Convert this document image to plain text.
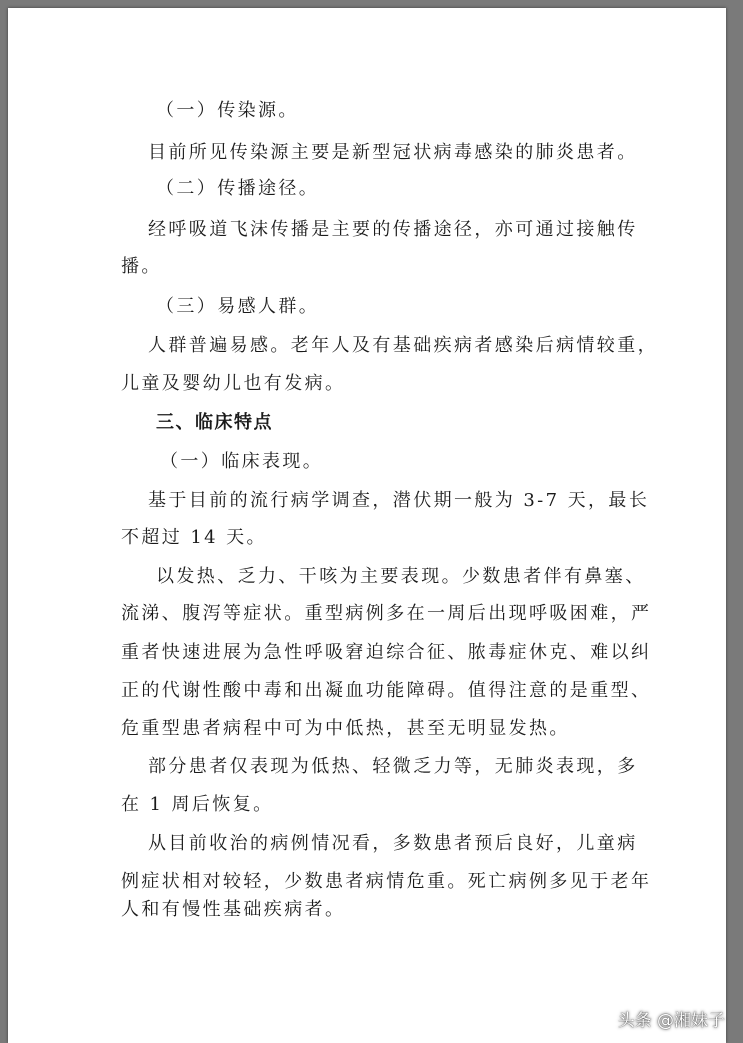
（一）传染源。
目前所见传染源主要是新型冠状病毒感染的肺炎患者。
（二）传播途径。
经呼吸道飞沫传播是主要的传播途径，亦可通过接触传
播。
（三）易感人群。
人群普遍易感。老年人及有基础疾病者感染后病情较重，
儿童及婴幼儿也有发病。
三、临床特点
（一）临床表现。
基于目前的流行病学调查，潜伏期一般为 3-7 天，最长
不超过 14 天。
以发热、乏力、干咳为主要表现。少数患者伴有鼻塞、
流涕、腹泻等症状。重型病例多在一周后出现呼吸困难，严
重者快速进展为急性呼吸窘迫综合征、脓毒症休克、难以纠
正的代谢性酸中毒和出凝血功能障碍。值得注意的是重型、
危重型患者病程中可为中低热，甚至无明显发热。
部分患者仅表现为低热、轻微乏力等，无肺炎表现，多
在 1 周后恢复。
从目前收治的病例情况看，多数患者预后良好，儿童病
例症状相对较轻，少数患者病情危重。死亡病例多见于老年
人和有慢性基础疾病者。
头条 @湘妹子
